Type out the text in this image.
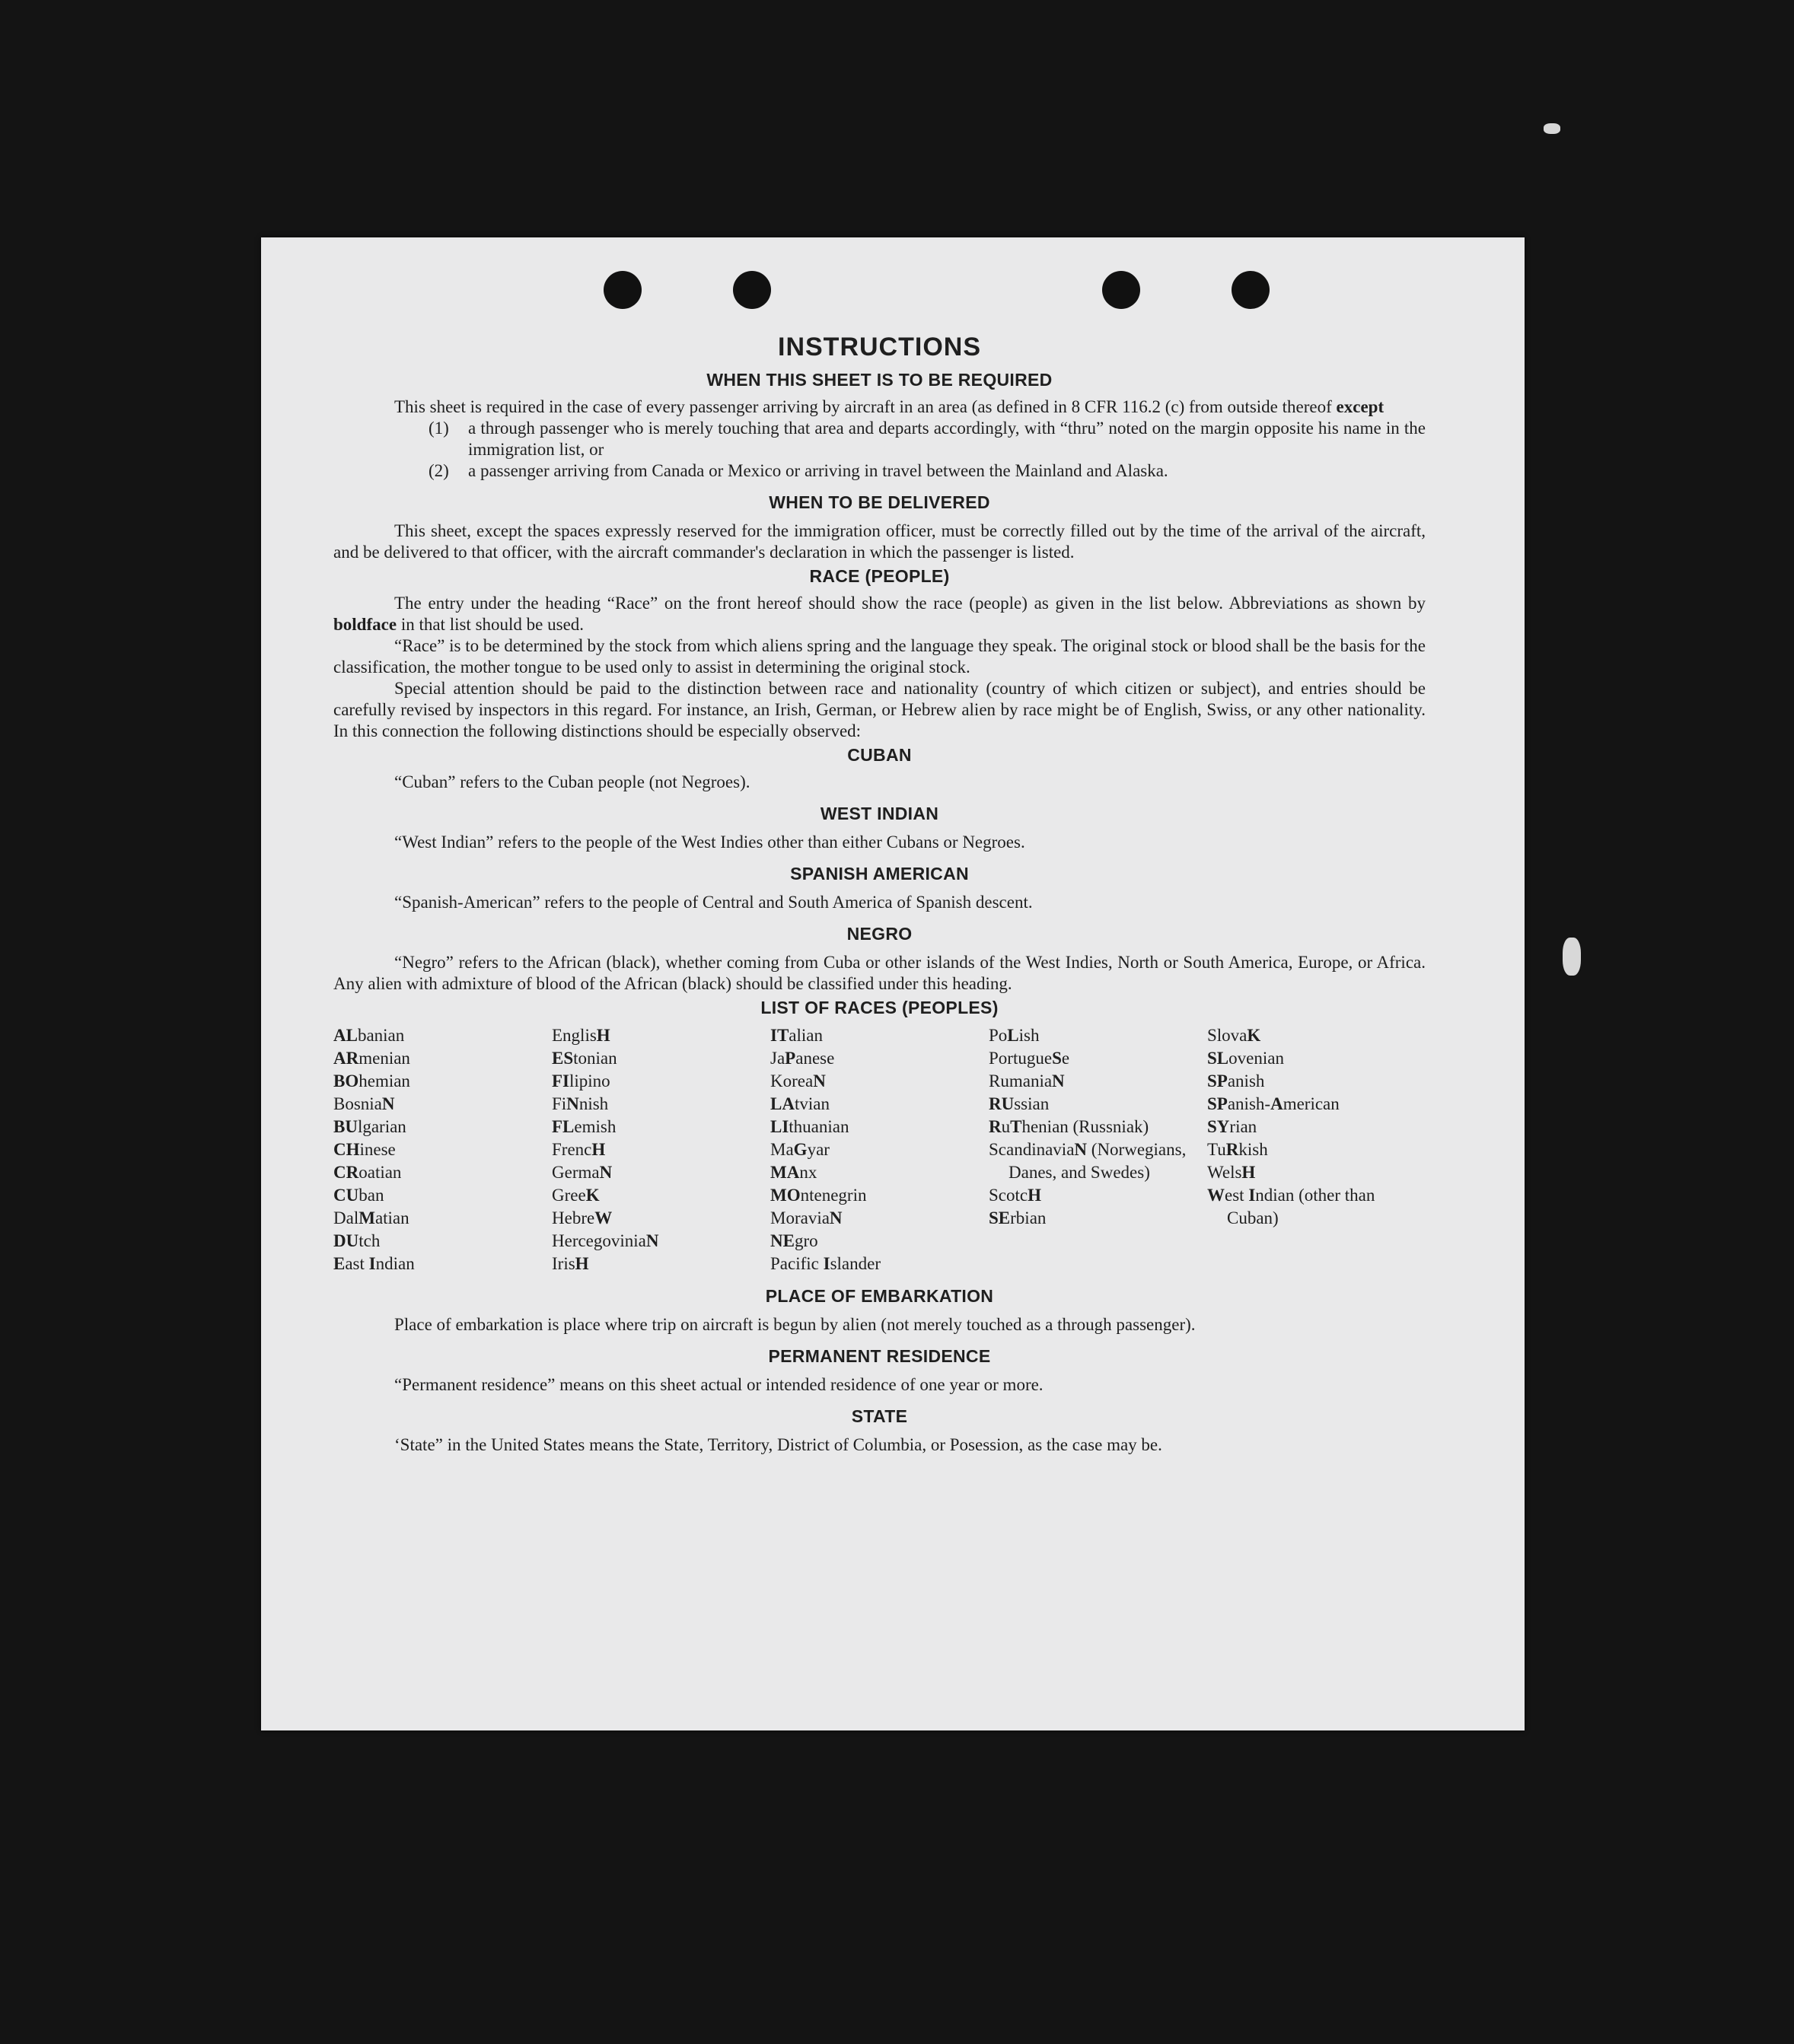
INSTRUCTIONS
WHEN THIS SHEET IS TO BE REQUIRED

This sheet is required in the case of every passenger arriving by aircraft in an area (as defined in 8 CFR 116.2 (c) from outside thereof except

(1)	a through passenger who is merely touching that area and departs accordingly, with “thru” noted on the margin opposite his name in the immigration list, or
(2)	a passenger arriving from Canada or Mexico or arriving in travel between the Mainland and Alaska.
WHEN TO BE DELIVERED

This sheet, except the spaces expressly reserved for the immigration officer, must be correctly filled out by the time of the arrival of the aircraft, and be delivered to that officer, with the aircraft commander's declaration in which the passenger is listed.

RACE (PEOPLE)

The entry under the heading “Race” on the front hereof should show the race (people) as given in the list below. Abbreviations as shown by boldface in that list should be used.

“Race” is to be determined by the stock from which aliens spring and the language they speak. The original stock or blood shall be the basis for the classification, the mother tongue to be used only to assist in determining the original stock.

Special attention should be paid to the distinction between race and nationality (country of which citizen or subject), and entries should be carefully revised by inspectors in this regard. For instance, an Irish, German, or Hebrew alien by race might be of English, Swiss, or any other nationality. In this connection the following distinctions should be especially observed:

CUBAN

“Cuban” refers to the Cuban people (not Negroes).

WEST INDIAN

“West Indian” refers to the people of the West Indies other than either Cubans or Negroes.

SPANISH AMERICAN

“Spanish-American” refers to the people of Central and South America of Spanish descent.

NEGRO

“Negro” refers to the African (black), whether coming from Cuba or other islands of the West Indies, North or South America, Europe, or Africa. Any alien with admixture of blood of the African (black) should be classified under this heading.

LIST OF RACES (PEOPLES)
ALbanian
ARmenian
BOhemian
BosniaN
BUlgarian
CHinese
CRoatian
CUban
DalMatian
DUtch
East Indian
EnglisH
EStonian
FIlipino
FiNnish
FLemish
FrencH
GermaN
GreeK
HebreW
HercegoviniaN
IrisH
ITalian
JaPanese
KoreaN
LAtvian
LIthuanian
MaGyar
MAnx
MOntenegrin
MoraviaN
NEgro
Pacific Islander
PoLish
PortugueSe
RumaniaN
RUssian
RuThenian (Russniak)
ScandinaviaN (Norwegians, Danes, and Swedes)
ScotcH
SErbian
SlovaK
SLovenian
SPanish
SPanish-American
SYrian
TuRkish
WelsH
West Indian (other than Cuban)
PLACE OF EMBARKATION

Place of embarkation is place where trip on aircraft is begun by alien (not merely touched as a through passenger).

PERMANENT RESIDENCE

“Permanent residence” means on this sheet actual or intended residence of one year or more.

STATE

‘State” in the United States means the State, Territory, District of Columbia, or Posession, as the case may be.
